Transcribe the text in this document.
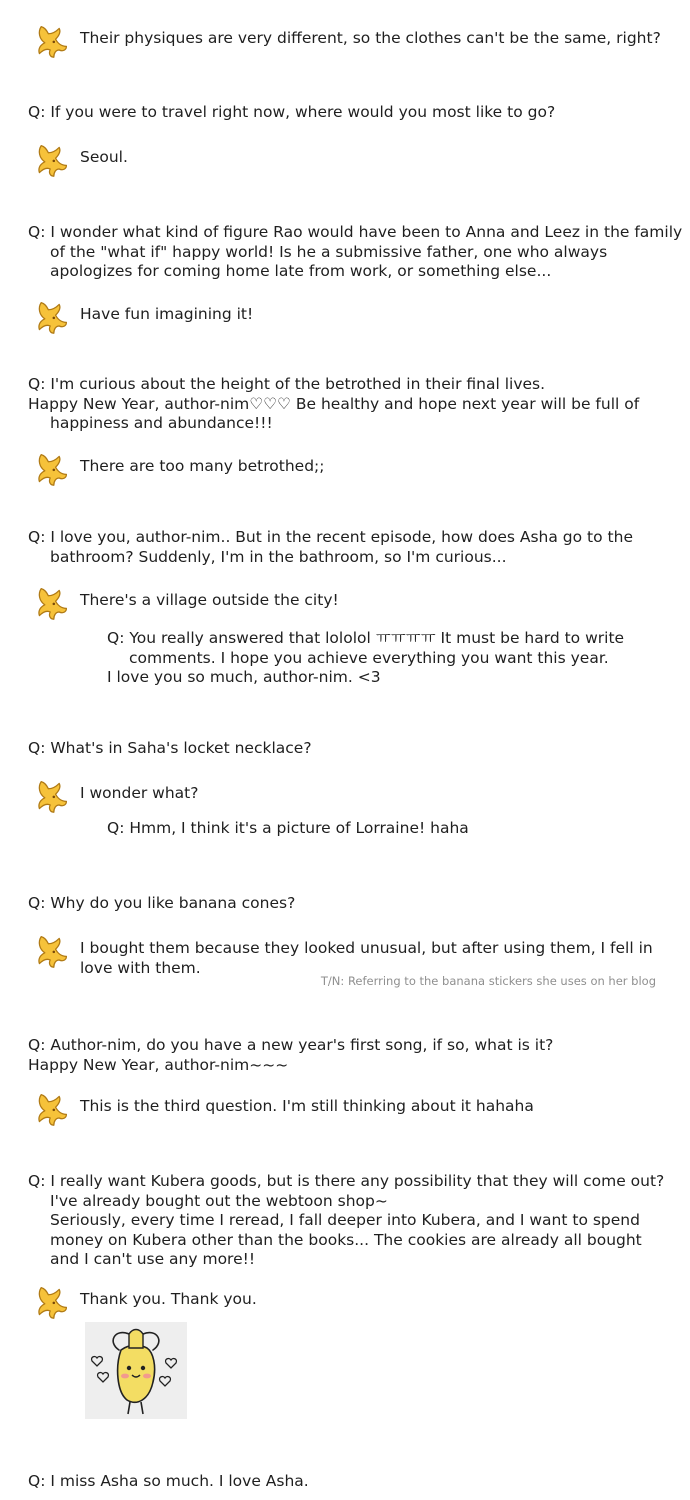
Their physiques are very different, so the clothes can't be the same, right?

Q: If you were to travel right now, where would you most like to go?

Seoul.

Q: I wonder what kind of figure Rao would have been to Anna and Leez in the family of the "what if" happy world! Is he a submissive father, one who always apologizes for coming home late from work, or something else...

Have fun imagining it!

Q: I'm curious about the height of the betrothed in their final lives.

Happy New Year, author-nim♡♡♡ Be healthy and hope next year will be full of happiness and abundance!!!

There are too many betrothed;;

Q: I love you, author-nim.. But in the recent episode, how does Asha go to the bathroom? Suddenly, I'm in the bathroom, so I'm curious...

There's a village outside the city!

Q: You really answered that lololol ㅠㅠㅠㅠ It must be hard to write comments. I hope you achieve everything you want this year.

I love you so much, author-nim. <3

Q: What's in Saha's locket necklace?

I wonder what?

Q: Hmm, I think it's a picture of Lorraine! haha

Q: Why do you like banana cones?

I bought them because they looked unusual, but after using them, I fell in love with them.

T/N: Referring to the banana stickers she uses on her blog

Q: Author-nim, do you have a new year's first song, if so, what is it?

Happy New Year, author-nim~~~

This is the third question. I'm still thinking about it hahaha

Q: I really want Kubera goods, but is there any possibility that they will come out?

I've already bought out the webtoon shop~

Seriously, every time I reread, I fall deeper into Kubera, and I want to spend money on Kubera other than the books... The cookies are already all bought and I can't use any more!!

Thank you. Thank you.

Q: I miss Asha so much. I love Asha.
